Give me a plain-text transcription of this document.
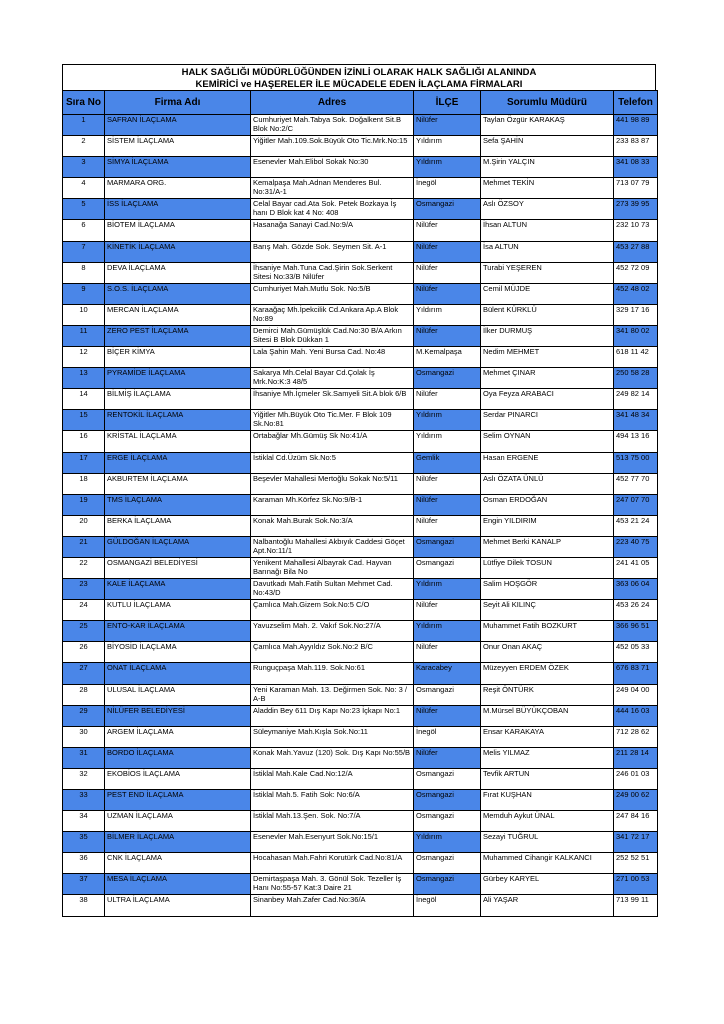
HALK SAĞLIĞI MÜDÜRLÜĞÜNDEN İZİNLİ OLARAK HALK SAĞLIĞI ALANINDA
KEMİRİCİ ve HAŞERELER İLE MÜCADELE EDEN İLAÇLAMA FİRMALARI
Sıra No	Firma Adı	Adres	İLÇE	Sorumlu Müdürü	Telefon
1	SAFRAN İLAÇLAMA	Cumhuriyet Mah.Tabya Sok. Doğalkent Sit.B Blok No:2/C	Nilüfer	Taylan Özgür KARAKAŞ	441 98 89
2	SİSTEM İLAÇLAMA	Yiğitler Mah.109.Sok.Büyük Oto Tic.Mrk.No:15	Yıldırım	Sefa ŞAHİN	233 83 87
3	SİMYA İLAÇLAMA	Esenevler Mah.Elibol Sokak No:30	Yıldırım	M.Şirin YALÇIN	341 08 33
4	MARMARA ORG.	Kemalpaşa Mah.Adnan Menderes Bul. No:31/A-1	İnegöl	Mehmet TEKİN	713 07 79
5	İSS İLAÇLAMA	Celal Bayar cad.Ata Sok. Petek Bozkaya İş hanı D Blok kat 4 No: 408	Osmangazi	Aslı ÖZSOY	273 39 95
6	BİOTEM İLAÇLAMA	Hasanağa Sanayi Cad.No:9/A	Nilüfer	İhsan ALTUN	232 10 73
7	KİNETİK İLAÇLAMA	Barış Mah. Gözde Sok. Seymen Sit. A-1	Nilüfer	İsa ALTUN	453 27 88
8	DEVA İLAÇLAMA	İhsaniye Mah.Tuna Cad.Şirin Sok.Serkent Sitesi No:33/B Nilüfer	Nilüfer	Turabi YEŞEREN	452 72 09
9	S.O.S. İLAÇLAMA	Cumhuriyet Mah.Mutlu Sok. No:5/B	Nilüfer	Cemil MÜJDE	452 48 02
10	MERCAN İLAÇLAMA	Karaağaç Mh.İpekcilik Cd.Ankara Ap.A Blok No:89	Yıldırım	Bülent KÜRKLÜ	329 17 16
11	ZERO PEST İLAÇLAMA	Demirci Mah.Gümüşlük Cad.No:30 B/A Arkın Sitesi B Blok Dükkan 1	Nilüfer	İlker DURMUŞ	341 80 02
12	BİÇER KİMYA	Lala Şahin Mah. Yeni Bursa Cad. No:48	M.Kemalpaşa	Nedim MEHMET	618 11 42
13	PYRAMİDE İLAÇLAMA	Sakarya Mh.Celal Bayar Cd.Çolak İş Mrk.No:K:3 48/5	Osmangazi	Mehmet ÇINAR	250 58 28
14	BİLMİŞ İLAÇLAMA	İhsaniye Mh.İçmeler Sk.Samyeli Sit.A blok 6/B	Nilüfer	Oya Feyza ARABACI	249 82 14
15	RENTOKİL İLAÇLAMA	Yiğitler Mh.Büyük Oto Tic.Mer. F Blok 109 Sk.No:81	Yıldırım	Serdar PINARCI	341 48 34
16	KRİSTAL İLAÇLAMA	Ortabağlar Mh.Gümüş Sk No:41/A	Yıldırım	Selim OYNAN	494 13 16
17	ERGE İLAÇLAMA	İstiklal Cd.Üzüm Sk.No:5	Gemlik	Hasan ERGENE	513 75 00
18	AKBURTEM İLAÇLAMA	Beşevler Mahallesi Mertoğlu Sokak No:5/11	Nilüfer	Aslı ÖZATA ÜNLÜ	452 77 70
19	TMS İLAÇLAMA	Karaman Mh.Körfez Sk.No:9/B-1	Nilüfer	Osman ERDOĞAN	247 07 70
20	BERKA İLAÇLAMA	Konak Mah.Burak Sok.No:3/A	Nilüfer	Engin YILDIRIM	453 21 24
21	GÜLDOĞAN İLAÇLAMA	Nalbantoğlu Mahallesi Akbıyık Caddesi Göçet Apt.No:11/1	Osmangazi	Mehmet Berki KANALP	223 40 75
22	OSMANGAZİ BELEDİYESİ	Yenikent Mahallesi Albayrak Cad. Hayvan Barınağı Bila No	Osmangazi	Lütfiye Dilek TOSUN	241 41 05
23	KALE İLAÇLAMA	Davutkadı Mah.Fatih Sultan Mehmet Cad. No:43/D	Yıldırım	Salim HOŞGÖR	363 06 04
24	KUTLU İLAÇLAMA	Çamlıca Mah.Gizem Sok.No:5 C/O	Nilüfer	Seyit Ali KILINÇ	453 26 24
25	ENTO-KAR İLAÇLAMA	Yavuzselim Mah. 2. Vakıf Sok.No:27/A	Yıldırım	Muhammet Fatih BOZKURT	366 96 51
26	BİYOSİD İLAÇLAMA	Çamlıca Mah.Ayyıldız Sok.No:2 B/C	Nilüfer	Onur Onan AKAÇ	452 05 33
27	ONAT İLAÇLAMA	Runguçpaşa Mah.119. Sok.No:61	Karacabey	Müzeyyen ERDEM ÖZEK	676 83 71
28	ULUSAL İLAÇLAMA	Yeni Karaman Mah. 13. Değirmen Sok. No: 3 / A-B	Osmangazi	Reşit ÖNTÜRK	249 04 00
29	NİLÜFER BELEDİYESİ	Aladdin Bey 611 Dış Kapı No:23 İçkapı No:1	Nilüfer	M.Mürsel BÜYÜKÇOBAN	444 16 03
30	ARGEM İLAÇLAMA	Süleymaniye Mah.Kışla Sok.No:11	İnegöl	Ensar KARAKAYA	712 28 62
31	BORDO İLAÇLAMA	Konak Mah.Yavuz (120) Sok. Dış Kapı No:55/B	Nilüfer	Melis YILMAZ	211 28 14
32	EKOBİOS İLAÇLAMA	İstiklal Mah.Kale Cad.No:12/A	Osmangazi	Tevfik ARTUN	246 01 03
33	PEST END İLAÇLAMA	İstiklal Mah.5. Fatih Sok: No:6/A	Osmangazi	Fırat KUŞHAN	249 00 62
34	UZMAN İLAÇLAMA	İstiklal Mah.13.Şen. Sok. No:7/A	Osmangazi	Memduh Aykut ÜNAL	247 84 16
35	BİLMER İLAÇLAMA	Esenevler Mah.Esenyurt Sok.No:15/1	Yıldırım	Sezayi TUĞRUL	341 72 17
36	CNK İLAÇLAMA	Hocahasan Mah.Fahri Korutürk Cad.No:81/A	Osmangazi	Muhammed Cihangir KALKANCI	252 52 51
37	MESA İLAÇLAMA	Demirtaşpaşa Mah. 3. Gönül Sok. Tezeller İş Hanı No:55-57 Kat:3 Daire 21	Osmangazi	Gürbey KARYEL	271 00 53
38	ULTRA İLAÇLAMA	Sinanbey Mah.Zafer Cad.No:36/A	İnegöl	Ali YAŞAR	713 99 11
